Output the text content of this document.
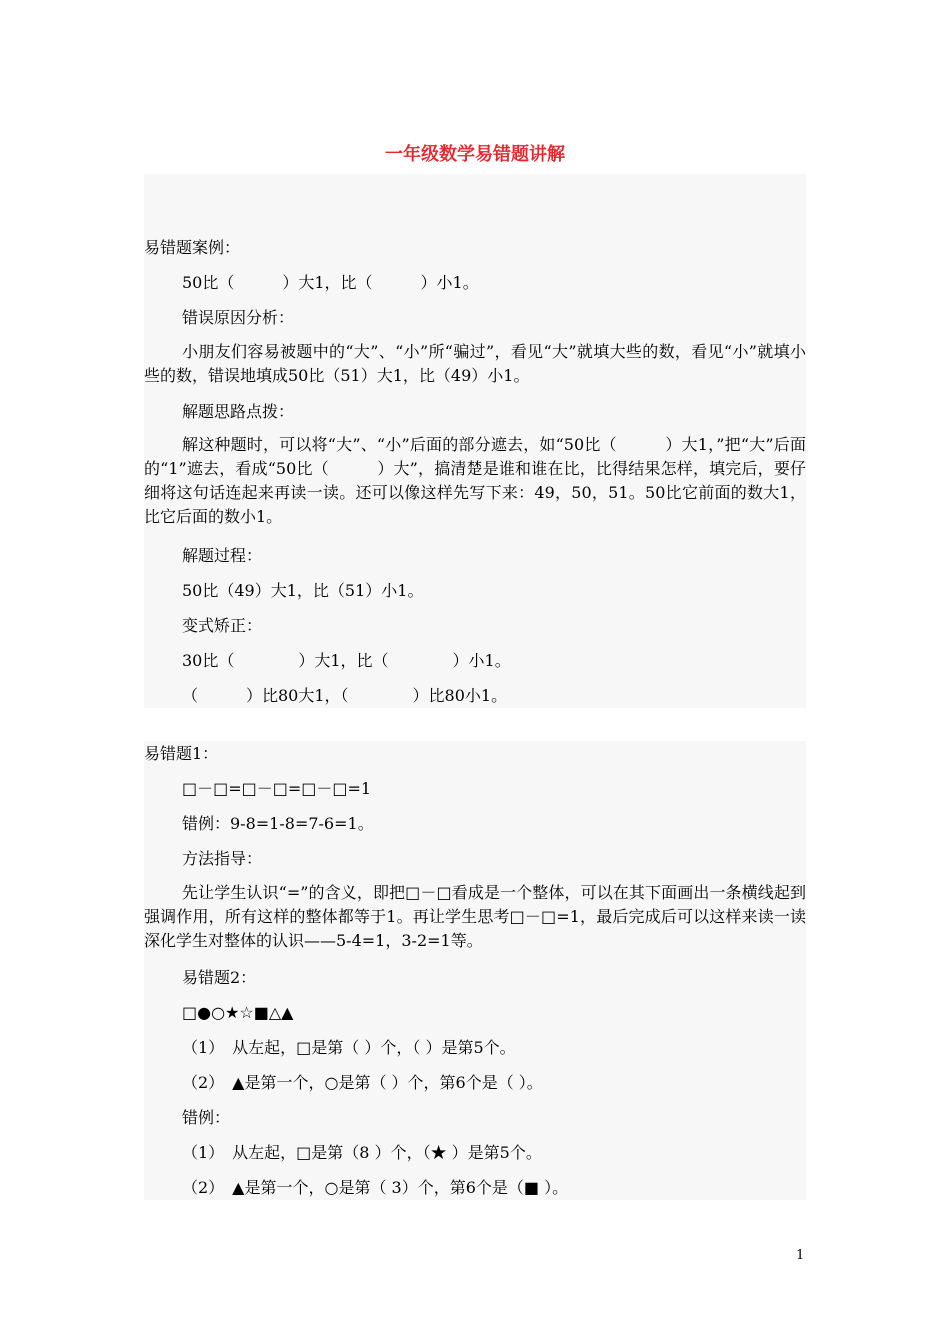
一年级数学易错题讲解
易错题案例：
50比（　　　）大1，比（　　　）小1。
错误原因分析：
小朋友们容易被题中的“大”、“小”所“骗过”，看见“大”就填大些的数，看见“小”就填小些的数，错误地填成50比（51）大1，比（49）小1。
解题思路点拨：
解这种题时，可以将“大”、“小”后面的部分遮去，如“50比（　　　）大1，”把“大”后面的“1”遮去，看成“50比（　　　）大”，搞清楚是谁和谁在比，比得结果怎样，填完后，要仔细将这句话连起来再读一读。还可以像这样先写下来：49，50，51。50比它前面的数大1，比它后面的数小1。
解题过程：
50比（49）大1，比（51）小1。
变式矫正：
30比（　　　　）大1，比（　　　　）小1。
（　　　）比80大1，（　　　　）比80小1。
易错题1：
□－□=□－□=□－□=1
错例：9-8=1-8=7-6=1。
方法指导：
先让学生认识“=”的含义，即把□－□看成是一个整体，可以在其下面画出一条横线起到强调作用，所有这样的整体都等于1。再让学生思考□－□=1，最后完成后可以这样来读一读深化学生对整体的认识——5-4=1，3-2=1等。
易错题2：
□●○★☆■△▲
（1）　从左起，□是第（ ）个，（ ）是第5个。
（2）　▲是第一个，○是第（ ）个，第6个是（ ）。
错例：
（1）　从左起，□是第（8 ）个，（★ ）是第5个。
（2）　▲是第一个，○是第（ 3）个，第6个是（■ ）。
1
